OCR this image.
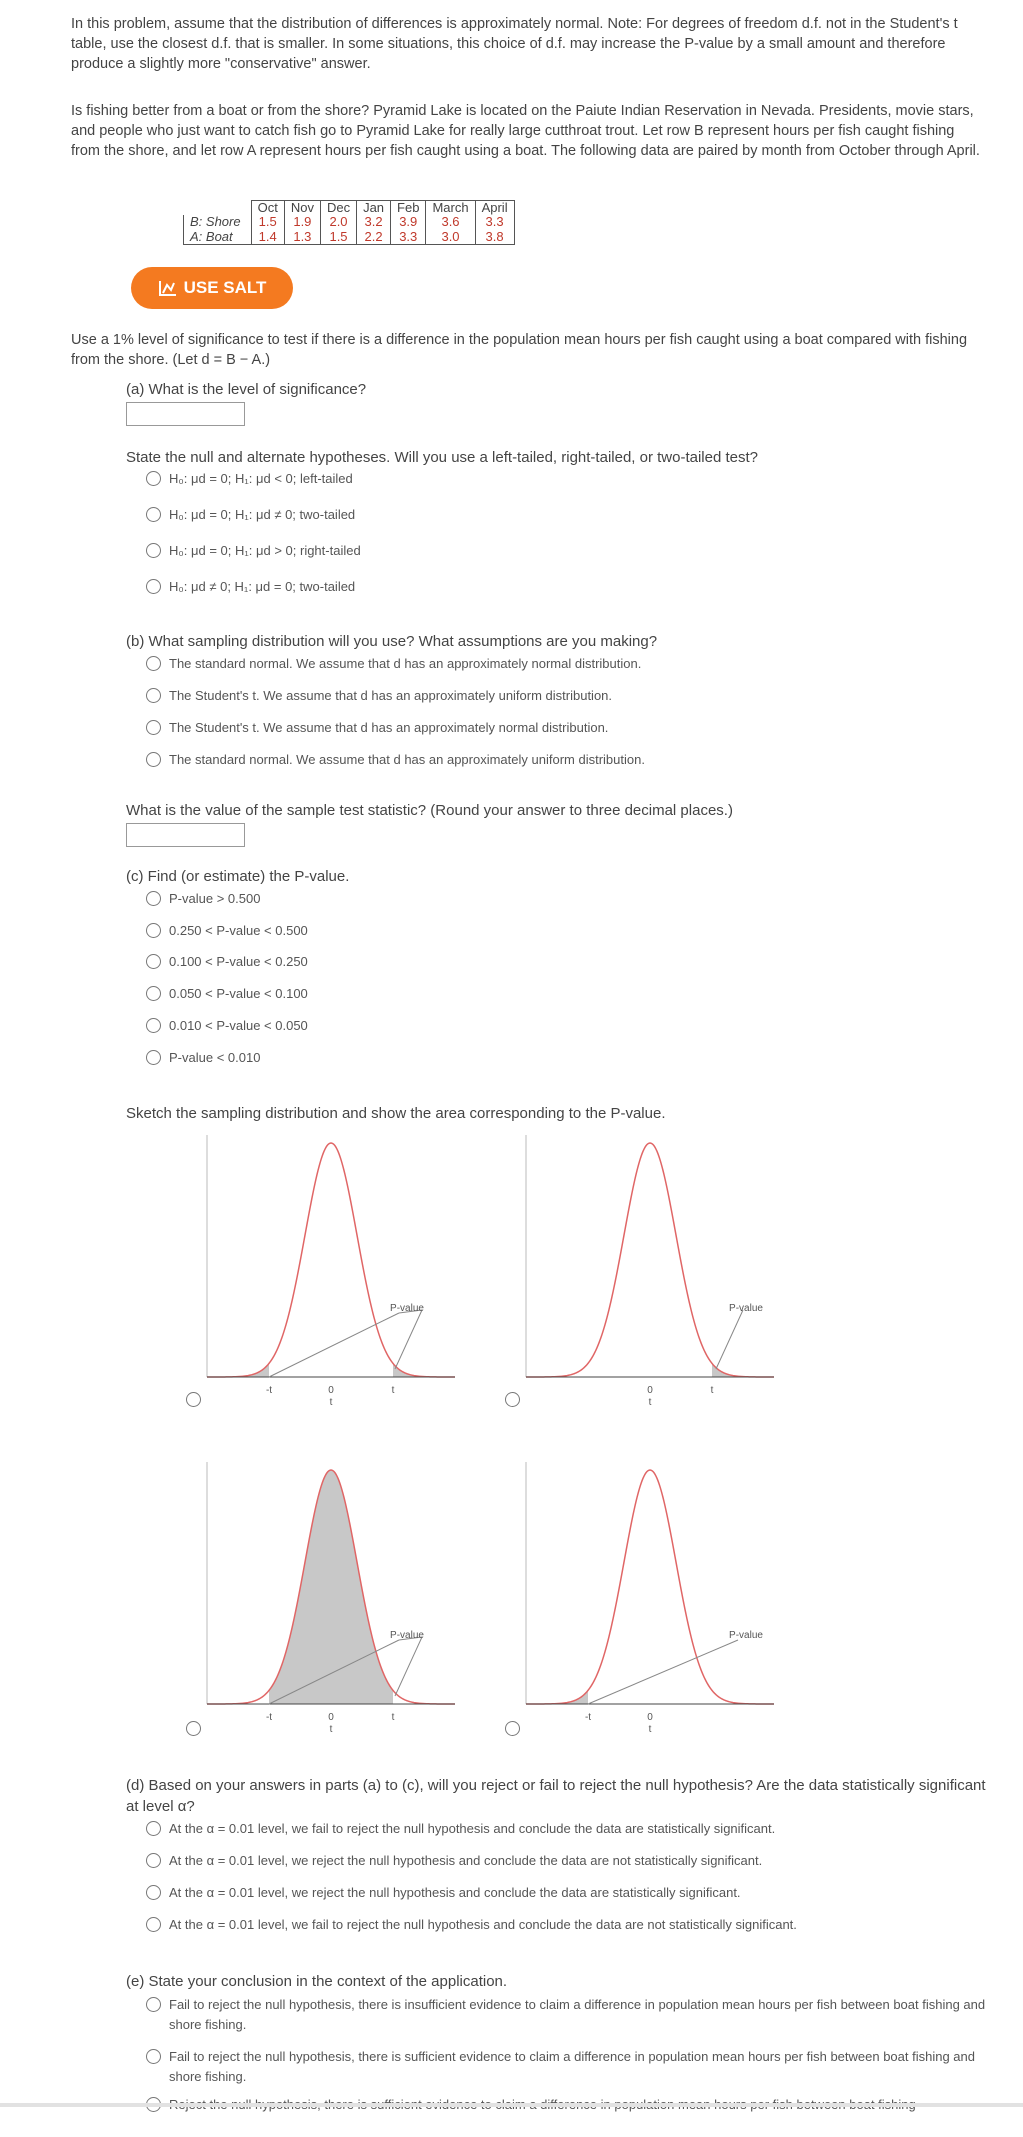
In this problem, assume that the distribution of differences is approximately normal. Note: For degrees of freedom d.f. not in the Student's t table, use the closest d.f. that is smaller. In some situations, this choice of d.f. may increase the P-value by a small amount and therefore produce a slightly more "conservative" answer.

Is fishing better from a boat or from the shore? Pyramid Lake is located on the Paiute Indian Reservation in Nevada. Presidents, movie stars, and people who just want to catch fish go to Pyramid Lake for really large cutthroat trout. Let row B represent hours per fish caught fishing from the shore, and let row A represent hours per fish caught using a boat. The following data are paired by month from October through April.

	Oct	Nov	Dec	Jan	Feb	March	April
B: Shore	1.5	1.9	2.0	3.2	3.9	3.6	3.3
A: Boat	1.4	1.3	1.5	2.2	3.3	3.0	3.8
USE SALT

Use a 1% level of significance to test if there is a difference in the population mean hours per fish caught using a boat compared with fishing from the shore. (Let d = B − A.)

(a) What is the level of significance?

State the null and alternate hypotheses. Will you use a left-tailed, right-tailed, or two-tailed test?

H₀: μd = 0; H₁: μd < 0; left-tailed
H₀: μd = 0; H₁: μd ≠ 0; two-tailed
H₀: μd = 0; H₁: μd > 0; right-tailed
H₀: μd ≠ 0; H₁: μd = 0; two-tailed

(b) What sampling distribution will you use? What assumptions are you making?

The standard normal. We assume that d has an approximately normal distribution.
The Student's t. We assume that d has an approximately uniform distribution.
The Student's t. We assume that d has an approximately normal distribution.
The standard normal. We assume that d has an approximately uniform distribution.

What is the value of the sample test statistic? (Round your answer to three decimal places.)

(c) Find (or estimate) the P-value.

P-value > 0.500
0.250 < P-value < 0.500
0.100 < P-value < 0.250
0.050 < P-value < 0.100
0.010 < P-value < 0.050
P-value < 0.010

Sketch the sampling distribution and show the area corresponding to the P-value.

P-value
-t	0	t
t
P-value
0	t
t
P-value
-t	0	t
t
P-value
-t	0
t

(d) Based on your answers in parts (a) to (c), will you reject or fail to reject the null hypothesis? Are the data statistically significant at level α?

At the α = 0.01 level, we fail to reject the null hypothesis and conclude the data are statistically significant.
At the α = 0.01 level, we reject the null hypothesis and conclude the data are not statistically significant.
At the α = 0.01 level, we reject the null hypothesis and conclude the data are statistically significant.
At the α = 0.01 level, we fail to reject the null hypothesis and conclude the data are not statistically significant.

(e) State your conclusion in the context of the application.

Fail to reject the null hypothesis, there is insufficient evidence to claim a difference in population mean hours per fish between boat fishing and shore fishing.
Fail to reject the null hypothesis, there is sufficient evidence to claim a difference in population mean hours per fish between boat fishing and shore fishing.
